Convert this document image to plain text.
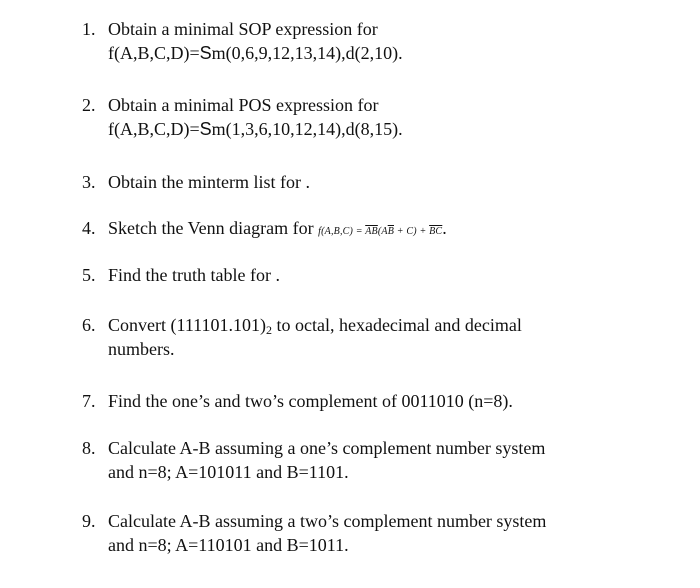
1. Obtain a minimal SOP expression for
f(A,B,C,D)=Sm(0,6,9,12,13,14),d(2,10).
2. Obtain a minimal POS expression for
f(A,B,C,D)=Sm(1,3,6,10,12,14),d(8,15).
3. Obtain the minterm list for .
4. Sketch the Venn diagram for $f(A,B,C) = \overline{AB}(A\overline{B} + C) + \overline{BC}$.
5. Find the truth table for .
6. Convert $(111101.101)_2$ to octal, hexadecimal and decimal
numbers.
7. Find the one’s and two’s complement of 0011010 (n=8).
8. Calculate A-B assuming a one’s complement number system
and n=8; A=101011 and B=1101.
9. Calculate A-B assuming a two’s complement number system
and n=8; A=110101 and B=1011.
